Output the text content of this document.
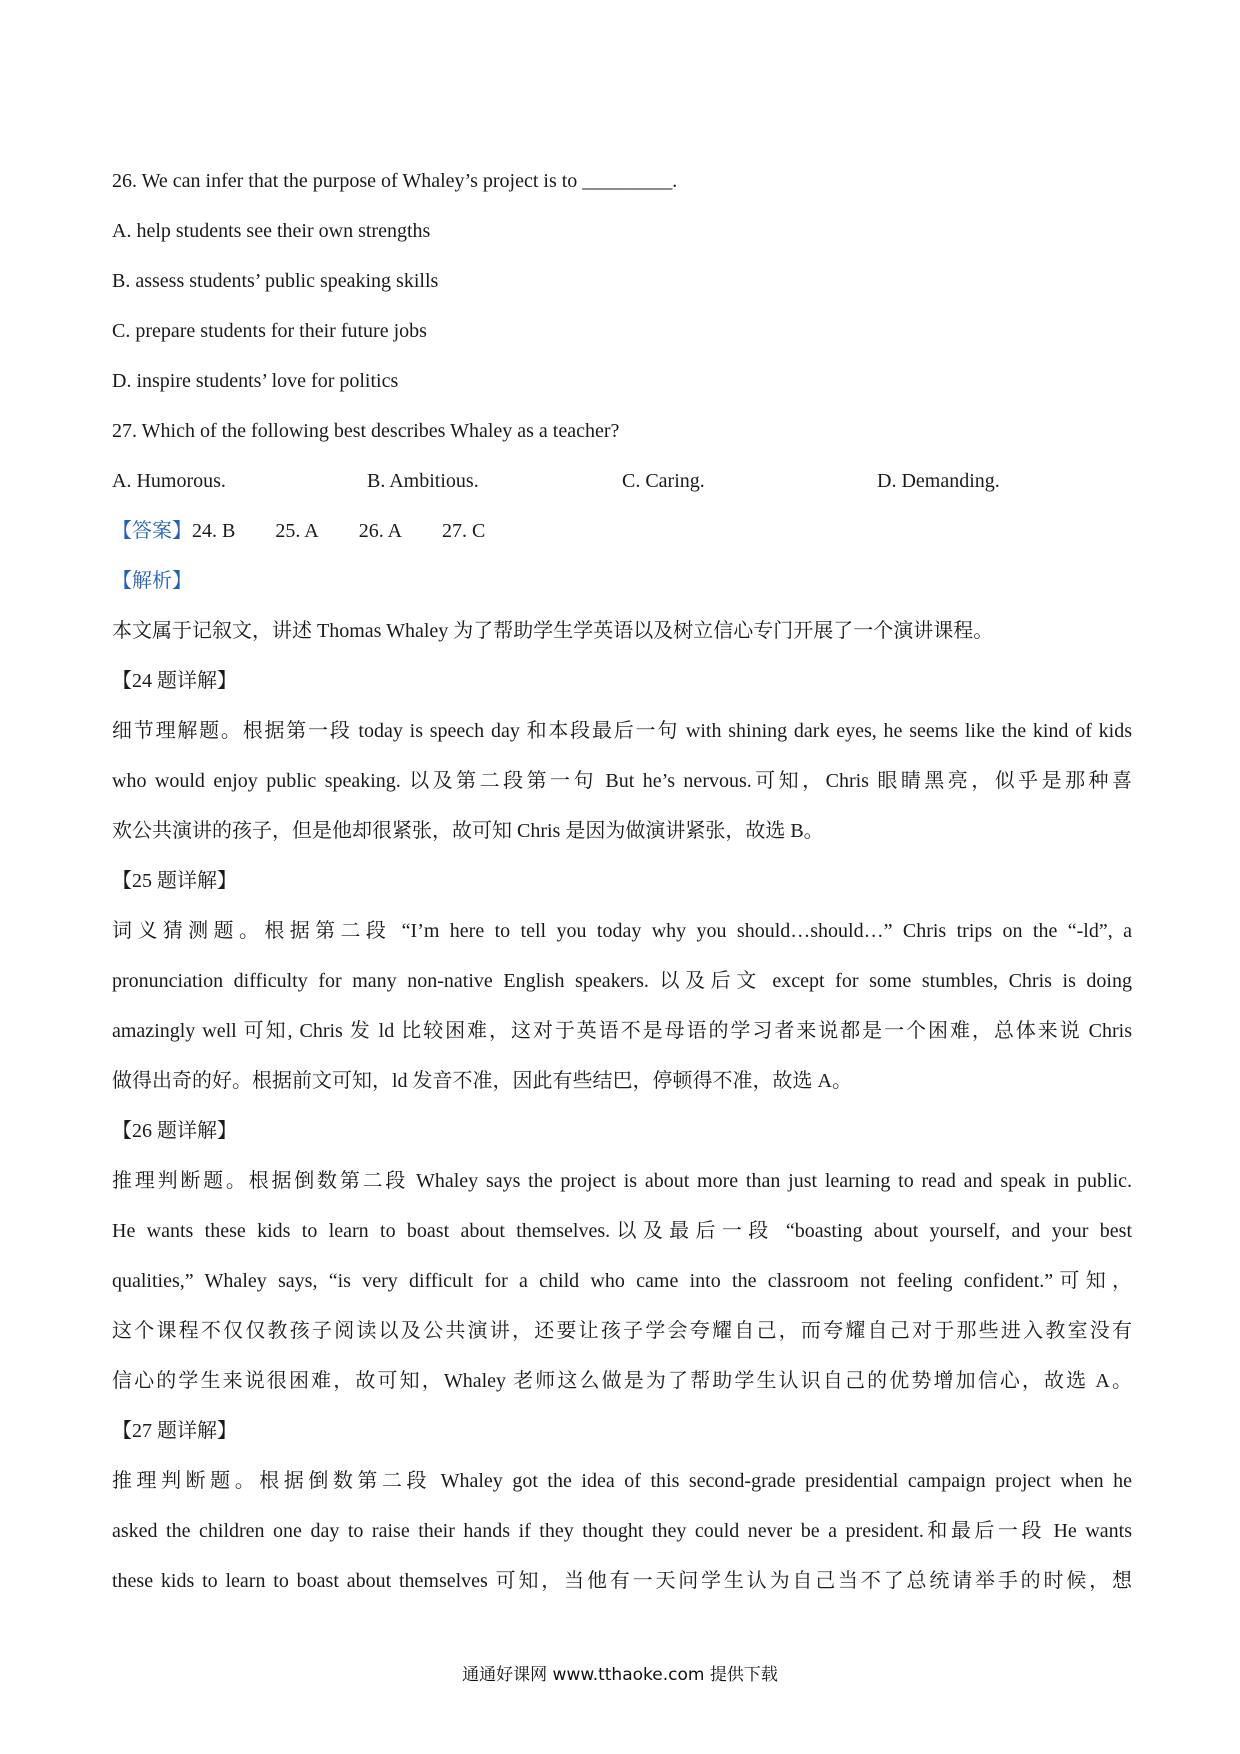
26. We can infer that the purpose of Whaley’s project is to _________.
A. help students see their own strengths
B. assess students’ public speaking skills
C. prepare students for their future jobs
D. inspire students’ love for politics
27. Which of the following best describes Whaley as a teacher?
A. Humorous.	B. Ambitious.	C. Caring.	D. Demanding.
【答案】24. B 25. A 26. A 27. C
【解析】
本文属于记叙文，讲述 Thomas Whaley 为了帮助学生学英语以及树立信心专门开展了一个演讲课程。
【24 题详解】
细节理解题。根据第一段 today is speech day 和本段最后一句 with shining dark eyes, he seems like the kind of kids
who would enjoy public speaking. 以及第二段第一句 But he’s nervous.可知，Chris 眼睛黑亮，似乎是那种喜
欢公共演讲的孩子，但是他却很紧张，故可知 Chris 是因为做演讲紧张，故选 B。
【25 题详解】
词义猜测题。根据第二段 “I’m here to tell you today why you should…should…” Chris trips on the “-ld”, a
pronunciation difficulty for many non-native English speakers. 以及后文 except for some stumbles, Chris is doing
amazingly well 可知, Chris 发 ld 比较困难，这对于英语不是母语的学习者来说都是一个困难，总体来说 Chris
做得出奇的好。根据前文可知，ld 发音不准，因此有些结巴，停顿得不准，故选 A。
【26 题详解】
推理判断题。根据倒数第二段 Whaley says the project is about more than just learning to read and speak in public.
He wants these kids to learn to boast about themselves.以及最后一段 “boasting about yourself, and your best
qualities,” Whaley says, “is very difficult for a child who came into the classroom not feeling confident.”可知，
这个课程不仅仅教孩子阅读以及公共演讲，还要让孩子学会夸耀自己，而夸耀自己对于那些进入教室没有
信心的学生来说很困难，故可知，Whaley 老师这么做是为了帮助学生认识自己的优势增加信心，故选 A。
【27 题详解】
推理判断题。根据倒数第二段 Whaley got the idea of this second-grade presidential campaign project when he
asked the children one day to raise their hands if they thought they could never be a president.和最后一段 He wants
these kids to learn to boast about themselves 可知，当他有一天问学生认为自己当不了总统请举手的时候，想
通通好课网 www.tthaoke.com 提供下载
